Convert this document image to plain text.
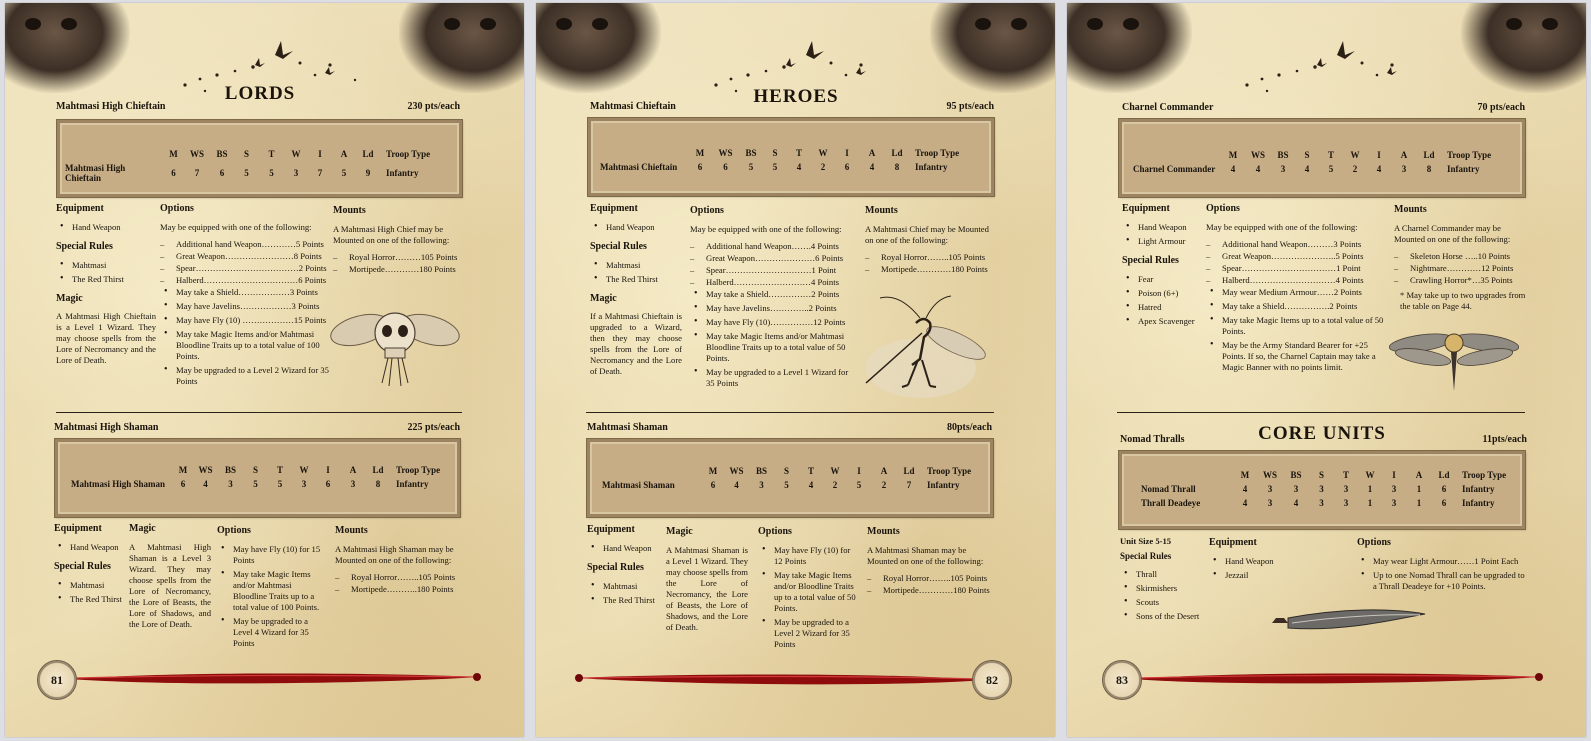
LORDS
Mahtmasi High Chieftain	230 pts/each
	M	WS	BS	S	T	W	I	A	Ld	Troop Type
Mahtmasi High Chieftain	6	7	6	5	5	3	7	5	9	Infantry
Equipment
• Hand Weapon
Special Rules
• Mahtmasi
• The Red Thirst
Magic

A Mahtmasi High Chieftain is a Level 1 Wizard. They may choose spells from the Lore of Necromancy and the Lore of Death.

Options

May be equipped with one of the following:

– Additional hand Weapon…………5 Points
– Great Weapon……………………8 Points
– Spear………………………………2 Points
– Halberd……………………………6 Points
• May take a Shield………………3 Points
• May have Javelins………………3 Points
• May have Fly (10) ………………15 Points
• May take Magic Items and/or Mahtmasi Bloodline Traits up to a total value of 100 Points.
• May be upgraded to a Level 2 Wizard for 35 Points
Mounts

A Mahtmasi High Chief may be Mounted on one of the following:

– Royal Horror………105 Points
– Mortipede…………180 Points
Mahtmasi High Shaman	225 pts/each
	M	WS	BS	S	T	W	I	A	Ld	Troop Type
Mahtmasi High Shaman	6	4	3	5	5	3	6	3	8	Infantry
Equipment
• Hand Weapon
Special Rules
• Mahtmasi
• The Red Thirst
Magic

A Mahtmasi High Shaman is a Level 3 Wizard. They may choose spells from the Lore of Necromancy, the Lore of Beasts, the Lore of Shadows, and the Lore of Death.

Options
• May have Fly (10) for 15 Points
• May take Magic Items and/or Mahtmasi Bloodline Traits up to a total value of 100 Points.
• May be upgraded to a Level 4 Wizard for 35 Points
Mounts

A Mahtmasi High Shaman may be Mounted on one of the following:

– Royal Horror……..105 Points
– Mortipede………..180 Points
81
HEROES
Mahtmasi Chieftain	95 pts/each
	M	WS	BS	S	T	W	I	A	Ld	Troop Type
Mahtmasi Chieftain	6	6	5	5	4	2	6	4	8	Infantry
Equipment
• Hand Weapon
Special Rules
• Mahtmasi
• The Red Thirst
Magic

If a Mahtmasi Chieftain is upgraded to a Wizard, then they may choose spells from the Lore of Necromancy and the Lore of Death.

Options

May be equipped with one of the following:

– Additional hand Weapon…….4 Points
– Great Weapon…………………6 Points
– Spear…………………………1 Point
– Halberd………………………4 Points
• May take a Shield……………2 Points
• May have Javelins…………..2 Points
• May have Fly (10)……………12 Points
• May take Magic Items and/or Mahtmasi Bloodline Traits up to a total value of 50 Points.
• May be upgraded to a Level 1 Wizard for 35 Points
Mounts

A Mahtmasi Chief may be Mounted on one of the following:

– Royal Horror……..105 Points
– Mortipede…………180 Points
Mahtmasi Shaman	80pts/each
	M	WS	BS	S	T	W	I	A	Ld	Troop Type
Mahtmasi Shaman	6	4	3	5	4	2	5	2	7	Infantry
Equipment
• Hand Weapon
Special Rules
• Mahtmasi
• The Red Thirst
Magic

A Mahtmasi Shaman is a Level 1 Wizard. They may choose spells from the Lore of Necromancy, the Lore of Beasts, the Lore of Shadows, and the Lore of Death.

Options
• May have Fly (10) for 12 Points
• May take Magic Items and/or Bloodline Traits up to a total value of 50 Points.
• May be upgraded to a Level 2 Wizard for 35 Points
Mounts

A Mahtmasi Shaman may be Mounted on one of the following:

– Royal Horror……..105 Points
– Mortipede…………180 Points
82
Charnel Commander	70 pts/each
	M	WS	BS	S	T	W	I	A	Ld	Troop Type
Charnel Commander	4	4	3	4	5	2	4	3	8	Infantry
Equipment
• Hand Weapon
• Light Armour
Special Rules
• Fear
• Poison (6+)
• Hatred
• Apex Scavenger
Options

May be equipped with one of the following:

– Additional hand Weapon………3 Points
– Great Weapon…………………..5 Points
– Spear……………………………1 Point
– Halberd…………………………4 Points
• May wear Medium Armour……2 Points
• May take a Shield…………….2 Points
• May take Magic Items up to a total value of 50 Points.
• May be the Army Standard Bearer for +25 Points. If so, the Charnel Captain may take a Magic Banner with no points limit.
Mounts

A Charnel Commander may be Mounted on one of the following:

– Skeleton Horse …..10 Points
– Nightmare…………12 Points
– Crawling Horror*…35 Points

* May take up to two upgrades from the table on Page 44.

CORE UNITS
Nomad Thralls	11pts/each
	M	WS	BS	S	T	W	I	A	Ld	Troop Type
Nomad Thrall	4	3	3	3	3	1	3	1	6	Infantry
Thrall Deadeye	4	3	4	3	3	1	3	1	6	Infantry

Unit Size 5-15

Special Rules
• Thrall
• Skirmishers
• Scouts
• Sons of the Desert
Equipment
• Hand Weapon
• Jezzail
Options
• May wear Light Armour……1 Point Each
• Up to one Nomad Thrall can be upgraded to a Thrall Deadeye for +10 Points.
83
